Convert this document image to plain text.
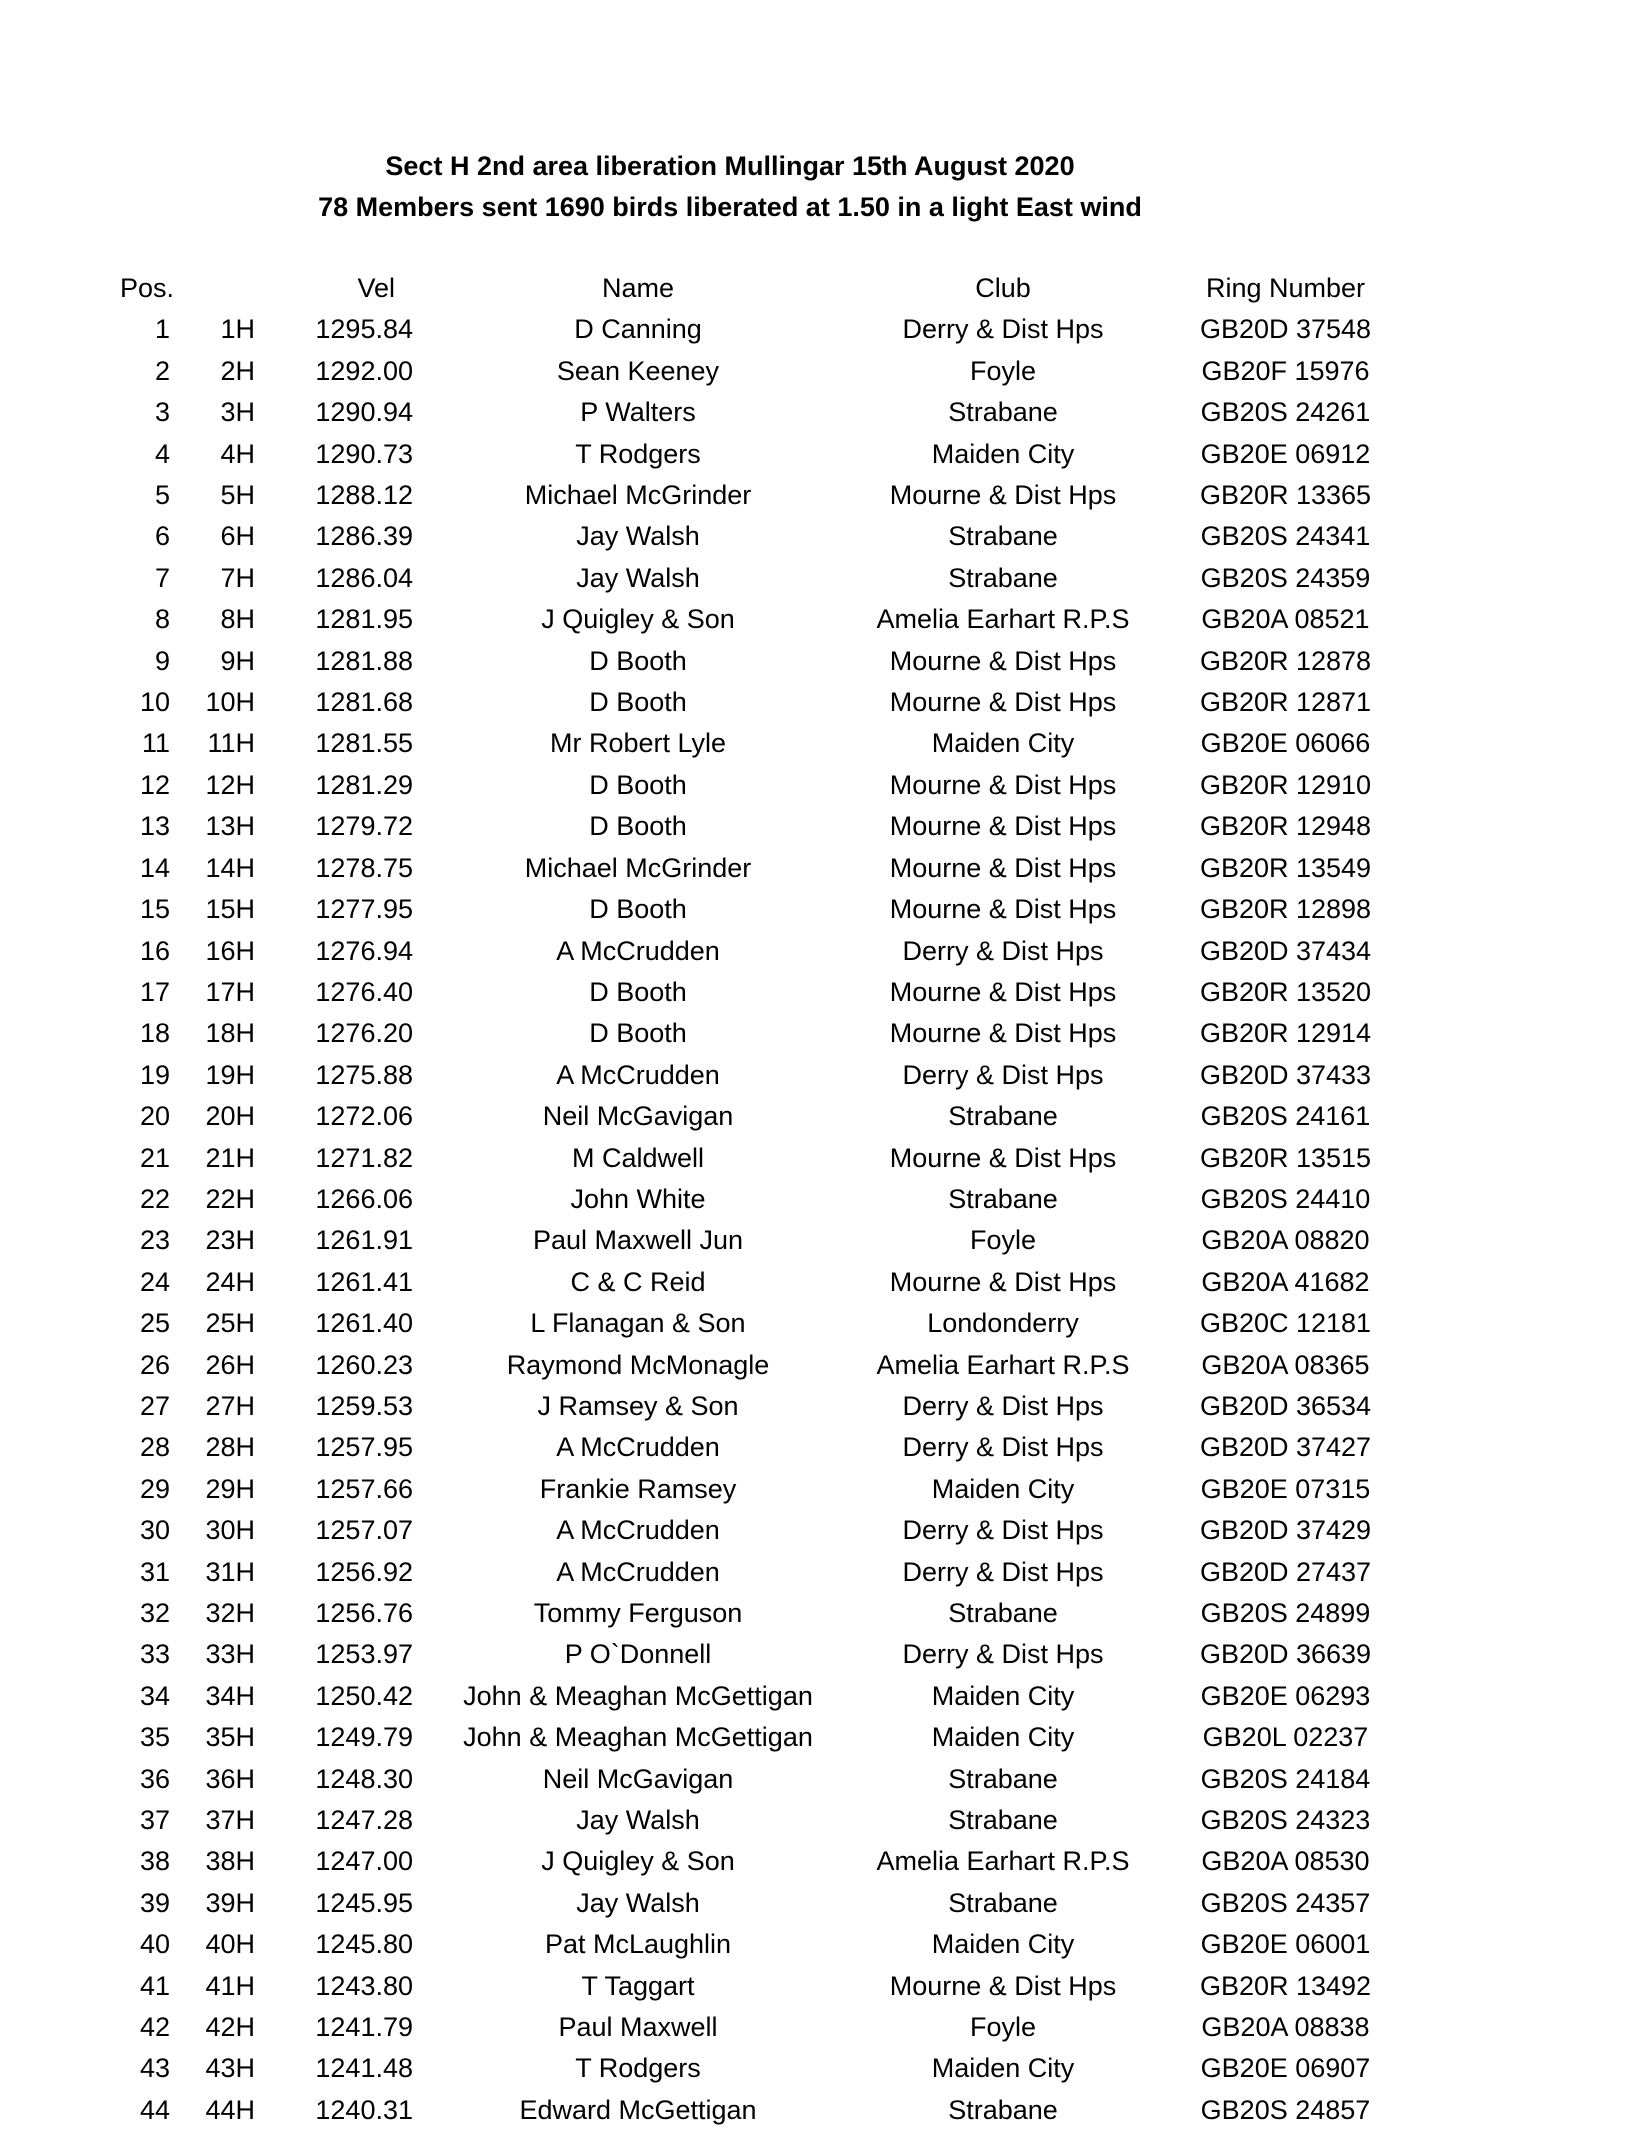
Sect H 2nd area liberation Mullingar 15th August 2020
78 Members sent 1690 birds liberated at 1.50 in a light East wind
Pos.		Vel	Name	Club	Ring Number
1	1H	1295.84	D Canning	Derry & Dist Hps	GB20D 37548
2	2H	1292.00	Sean Keeney	Foyle	GB20F 15976
3	3H	1290.94	P Walters	Strabane	GB20S 24261
4	4H	1290.73	T Rodgers	Maiden City	GB20E 06912
5	5H	1288.12	Michael McGrinder	Mourne & Dist Hps	GB20R 13365
6	6H	1286.39	Jay Walsh	Strabane	GB20S 24341
7	7H	1286.04	Jay Walsh	Strabane	GB20S 24359
8	8H	1281.95	J Quigley & Son	Amelia Earhart R.P.S	GB20A 08521
9	9H	1281.88	D Booth	Mourne & Dist Hps	GB20R 12878
10	10H	1281.68	D Booth	Mourne & Dist Hps	GB20R 12871
11	11H	1281.55	Mr Robert Lyle	Maiden City	GB20E 06066
12	12H	1281.29	D Booth	Mourne & Dist Hps	GB20R 12910
13	13H	1279.72	D Booth	Mourne & Dist Hps	GB20R 12948
14	14H	1278.75	Michael McGrinder	Mourne & Dist Hps	GB20R 13549
15	15H	1277.95	D Booth	Mourne & Dist Hps	GB20R 12898
16	16H	1276.94	A McCrudden	Derry & Dist Hps	GB20D 37434
17	17H	1276.40	D Booth	Mourne & Dist Hps	GB20R 13520
18	18H	1276.20	D Booth	Mourne & Dist Hps	GB20R 12914
19	19H	1275.88	A McCrudden	Derry & Dist Hps	GB20D 37433
20	20H	1272.06	Neil McGavigan	Strabane	GB20S 24161
21	21H	1271.82	M Caldwell	Mourne & Dist Hps	GB20R 13515
22	22H	1266.06	John White	Strabane	GB20S 24410
23	23H	1261.91	Paul Maxwell Jun	Foyle	GB20A 08820
24	24H	1261.41	C & C Reid	Mourne & Dist Hps	GB20A 41682
25	25H	1261.40	L Flanagan & Son	Londonderry	GB20C 12181
26	26H	1260.23	Raymond McMonagle	Amelia Earhart R.P.S	GB20A 08365
27	27H	1259.53	J Ramsey & Son	Derry & Dist Hps	GB20D 36534
28	28H	1257.95	A McCrudden	Derry & Dist Hps	GB20D 37427
29	29H	1257.66	Frankie Ramsey	Maiden City	GB20E 07315
30	30H	1257.07	A McCrudden	Derry & Dist Hps	GB20D 37429
31	31H	1256.92	A McCrudden	Derry & Dist Hps	GB20D 27437
32	32H	1256.76	Tommy Ferguson	Strabane	GB20S 24899
33	33H	1253.97	P O`Donnell	Derry & Dist Hps	GB20D 36639
34	34H	1250.42	John & Meaghan McGettigan	Maiden City	GB20E 06293
35	35H	1249.79	John & Meaghan McGettigan	Maiden City	GB20L 02237
36	36H	1248.30	Neil McGavigan	Strabane	GB20S 24184
37	37H	1247.28	Jay Walsh	Strabane	GB20S 24323
38	38H	1247.00	J Quigley & Son	Amelia Earhart R.P.S	GB20A 08530
39	39H	1245.95	Jay Walsh	Strabane	GB20S 24357
40	40H	1245.80	Pat McLaughlin	Maiden City	GB20E 06001
41	41H	1243.80	T Taggart	Mourne & Dist Hps	GB20R 13492
42	42H	1241.79	Paul Maxwell	Foyle	GB20A 08838
43	43H	1241.48	T Rodgers	Maiden City	GB20E 06907
44	44H	1240.31	Edward McGettigan	Strabane	GB20S 24857
